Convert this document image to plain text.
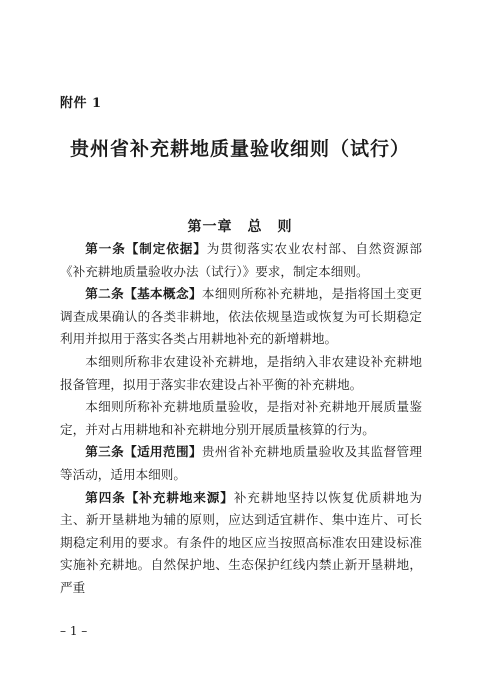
附件 1
贵州省补充耕地质量验收细则（试行）
第一章　总　则

第一条【制定依据】为贯彻落实农业农村部、自然资源部《补充耕地质量验收办法（试行）》要求，制定本细则。

第二条【基本概念】本细则所称补充耕地，是指将国土变更调查成果确认的各类非耕地，依法依规垦造或恢复为可长期稳定利用并拟用于落实各类占用耕地补充的新增耕地。

本细则所称非农建设补充耕地，是指纳入非农建设补充耕地报备管理，拟用于落实非农建设占补平衡的补充耕地。

本细则所称补充耕地质量验收，是指对补充耕地开展质量鉴定，并对占用耕地和补充耕地分别开展质量核算的行为。

第三条【适用范围】贵州省补充耕地质量验收及其监督管理等活动，适用本细则。

第四条【补充耕地来源】补充耕地坚持以恢复优质耕地为主、新开垦耕地为辅的原则，应达到适宜耕作、集中连片、可长期稳定利用的要求。有条件的地区应当按照高标准农田建设标准实施补充耕地。自然保护地、生态保护红线内禁止新开垦耕地，严重

– 1 –
